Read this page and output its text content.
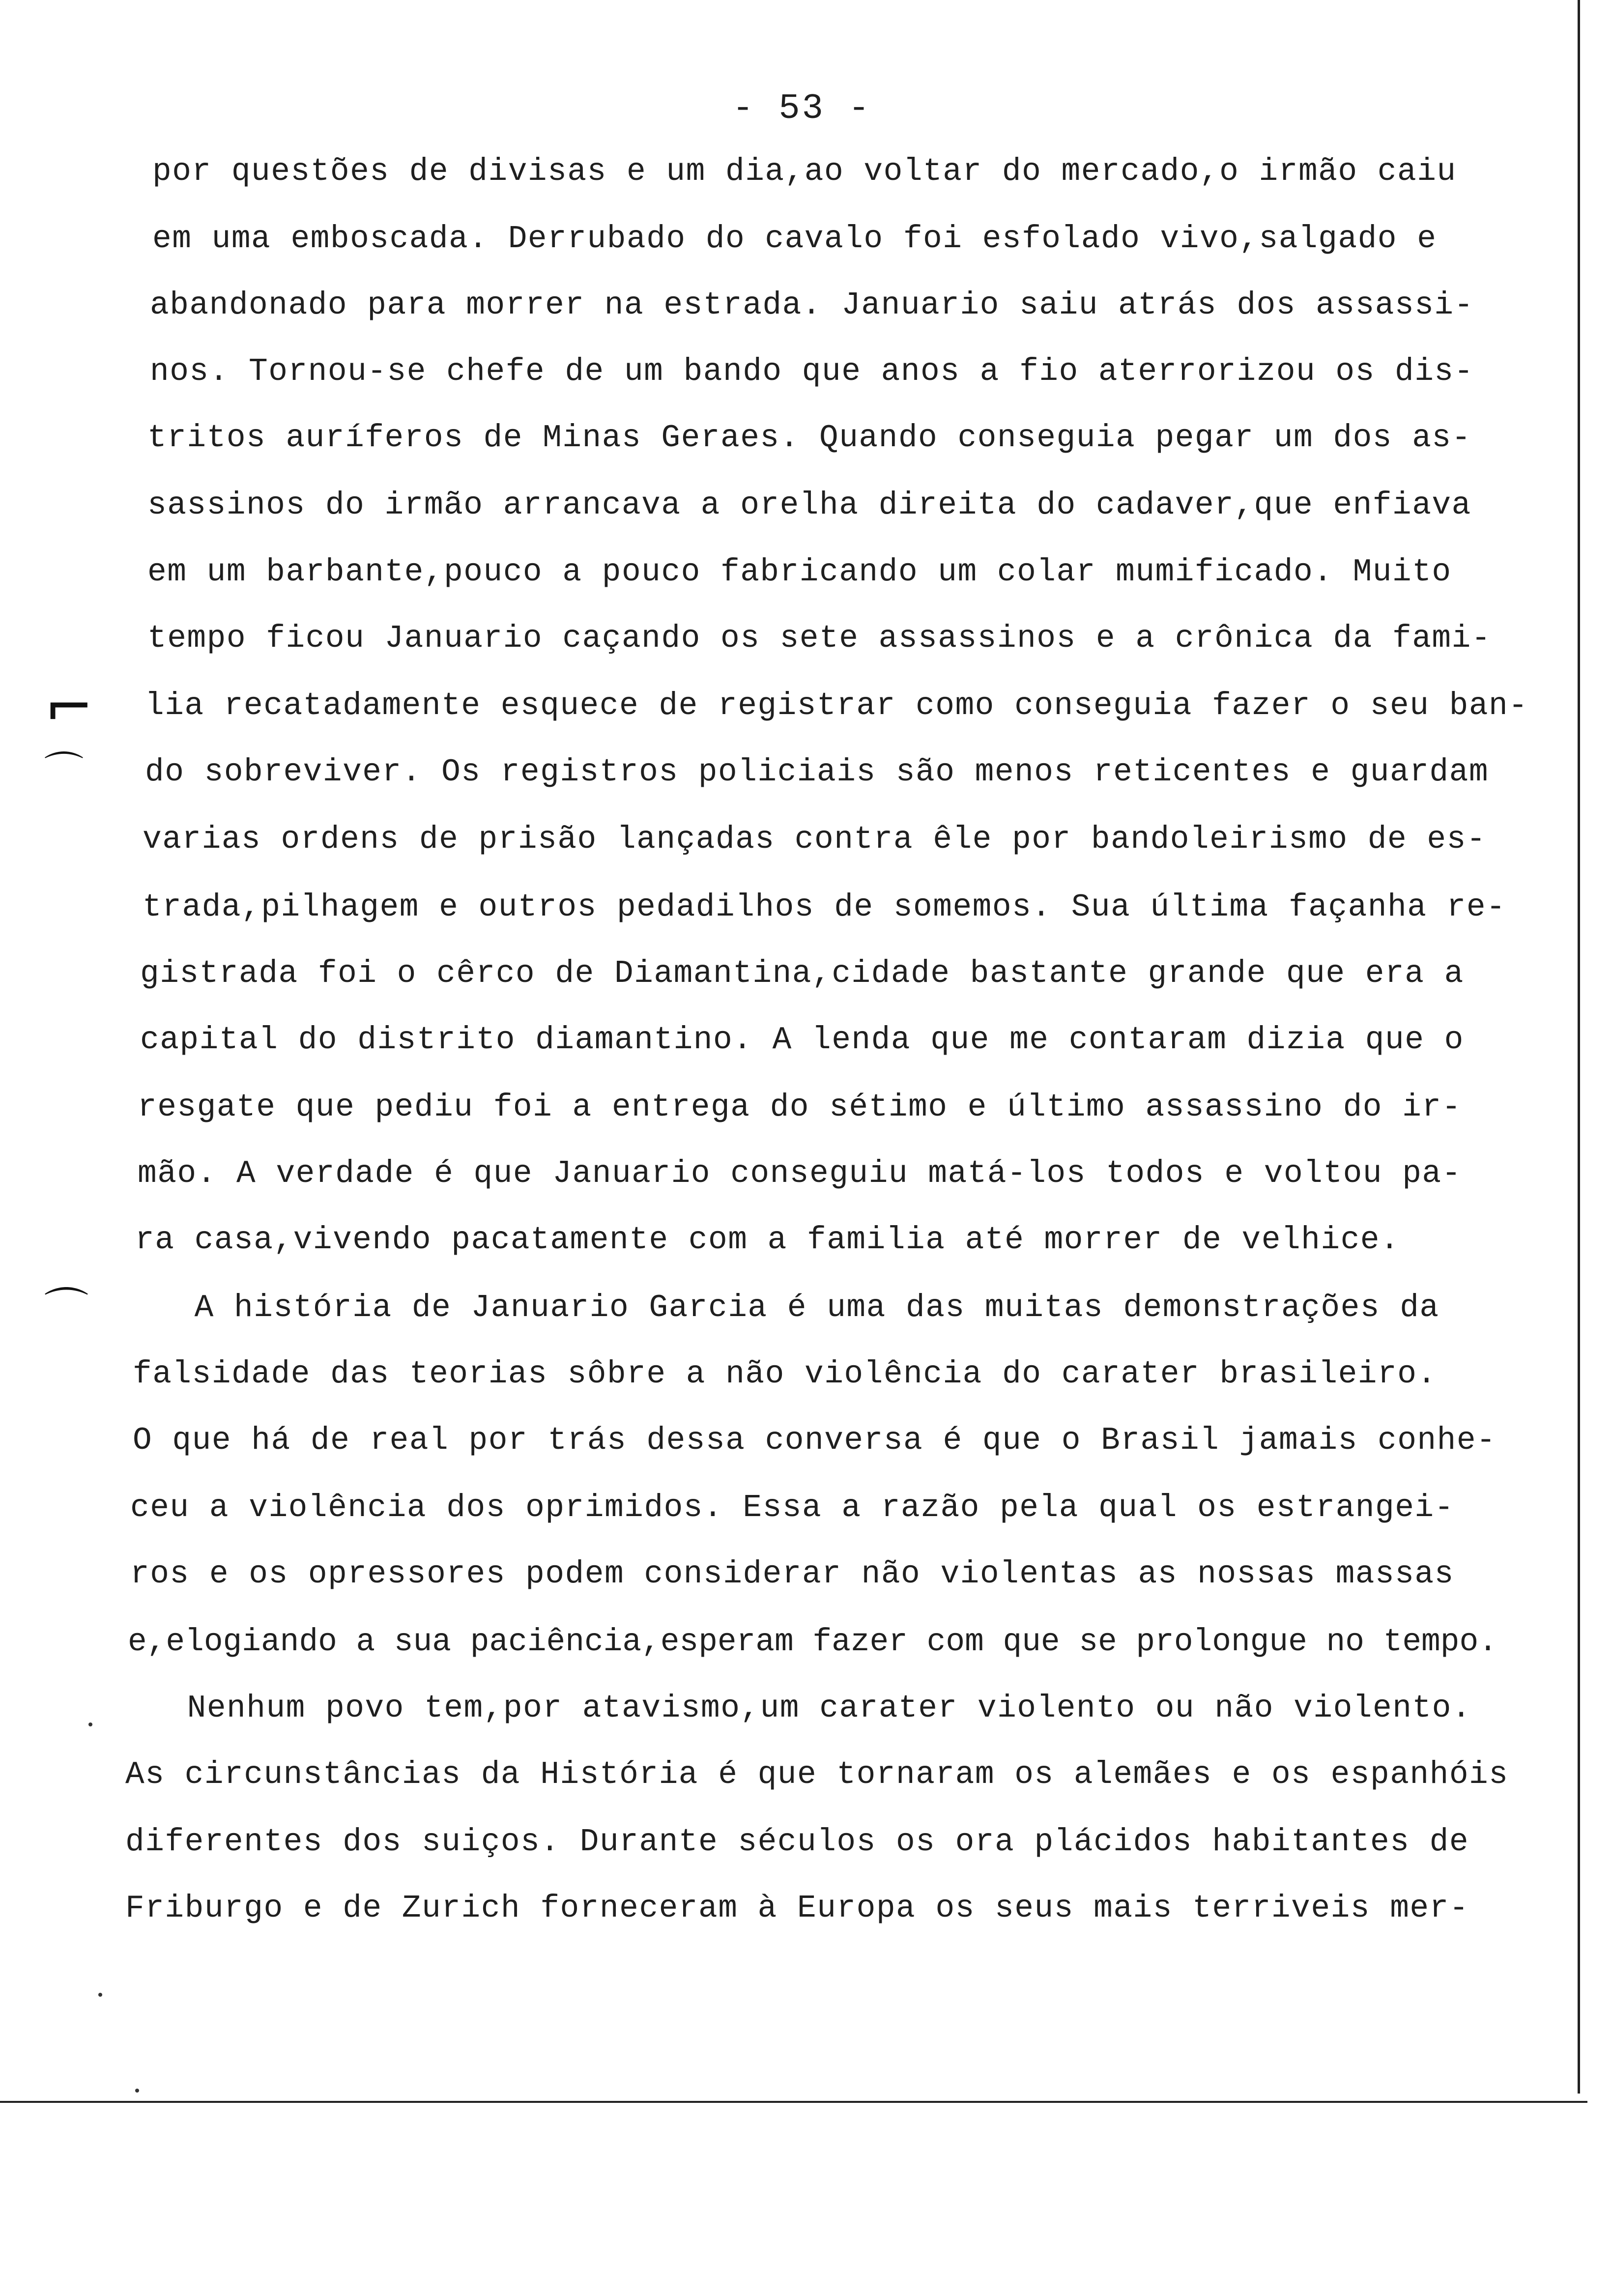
- 53 -
por questões de divisas e um dia,ao voltar do mercado,o irmão caiu
em uma emboscada. Derrubado do cavalo foi esfolado vivo,salgado e
abandonado para morrer na estrada. Januario saiu atrás dos assassi-
nos. Tornou-se chefe de um bando que anos a fio aterrorizou os dis-
tritos auríferos de Minas Geraes. Quando conseguia pegar um dos as-
sassinos do irmão arrancava a orelha direita do cadaver,que enfiava
em um barbante,pouco a pouco fabricando um colar mumificado. Muito
tempo ficou Januario caçando os sete assassinos e a crônica da fami-
lia recatadamente esquece de registrar como conseguia fazer o seu ban-
do sobreviver. Os registros policiais são menos reticentes e guardam
varias ordens de prisão lançadas contra êle por bandoleirismo de es-
trada,pilhagem e outros pedadilhos de somemos. Sua última façanha re-
gistrada foi o cêrco de Diamantina,cidade bastante grande que era a
capital do distrito diamantino. A lenda que me contaram dizia que o
resgate que pediu foi a entrega do sétimo e último assassino do ir-
mão. A verdade é que Januario conseguiu matá-los todos e voltou pa-
ra casa,vivendo pacatamente com a familia até morrer de velhice.
A história de Januario Garcia é uma das muitas demonstrações da
falsidade das teorias sôbre a não violência do carater brasileiro.
O que há de real por trás dessa conversa é que o Brasil jamais conhe-
ceu a violência dos oprimidos. Essa a razão pela qual os estrangei-
ros e os opressores podem considerar não violentas as nossas massas
e,elogiando a sua paciência,esperam fazer com que se prolongue no tempo.
Nenhum povo tem,por atavismo,um carater violento ou não violento.
As circunstâncias da História é que tornaram os alemães e os espanhóis
diferentes dos suiços. Durante séculos os ora plácidos habitantes de
Friburgo e de Zurich forneceram à Europa os seus mais terriveis mer-
⌐
⌒
⌒
